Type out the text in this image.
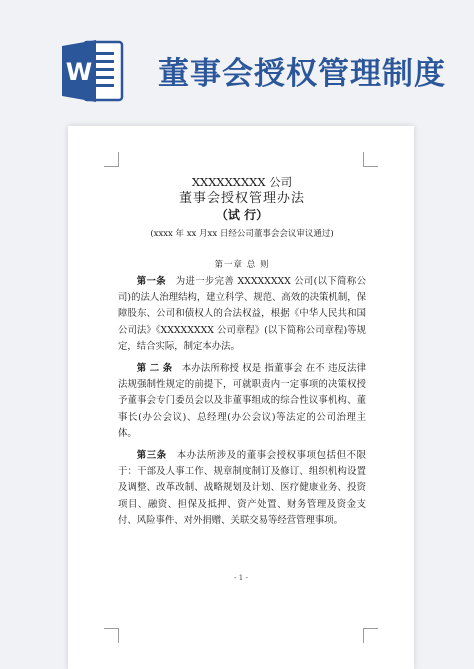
W 董事会授权管理制度
XXXXXXXXX 公司
董事会授权管理办法
（试 行）
(xxxx 年 xx 月xx 日经公司董事会会议审议通过)
第一章 总 则

第一条　为进一步完善 XXXXXXXX 公司(以下简称公司)的法人治理结构，建立科学、规范、高效的决策机制，保障股东、公司和债权人的合法权益，根据《中华人民共和国公司法》《XXXXXXXX 公司章程》(以下简称公司章程)等规定，结合实际，制定本办法。

第 二 条　本办法所称授 权是 指董事会 在不 违反法律法规强制性规定的前提下，可就职责内一定事项的决策权授予董事会专门委员会以及非董事组成的综合性议事机构、董事长(办公会议)、总经理(办公会议)等法定的公司治理主体。

第三条　本办法所涉及的董事会授权事项包括但不限于：干部及人事工作、规章制度制订及修订、组织机构设置及调整、改革改制、战略规划及计划、医疗健康业务、投资项目、融资、担保及抵押、资产处置、财务管理及资金支付、风险事件、对外捐赠、关联交易等经营管理事项。

- 1 -
